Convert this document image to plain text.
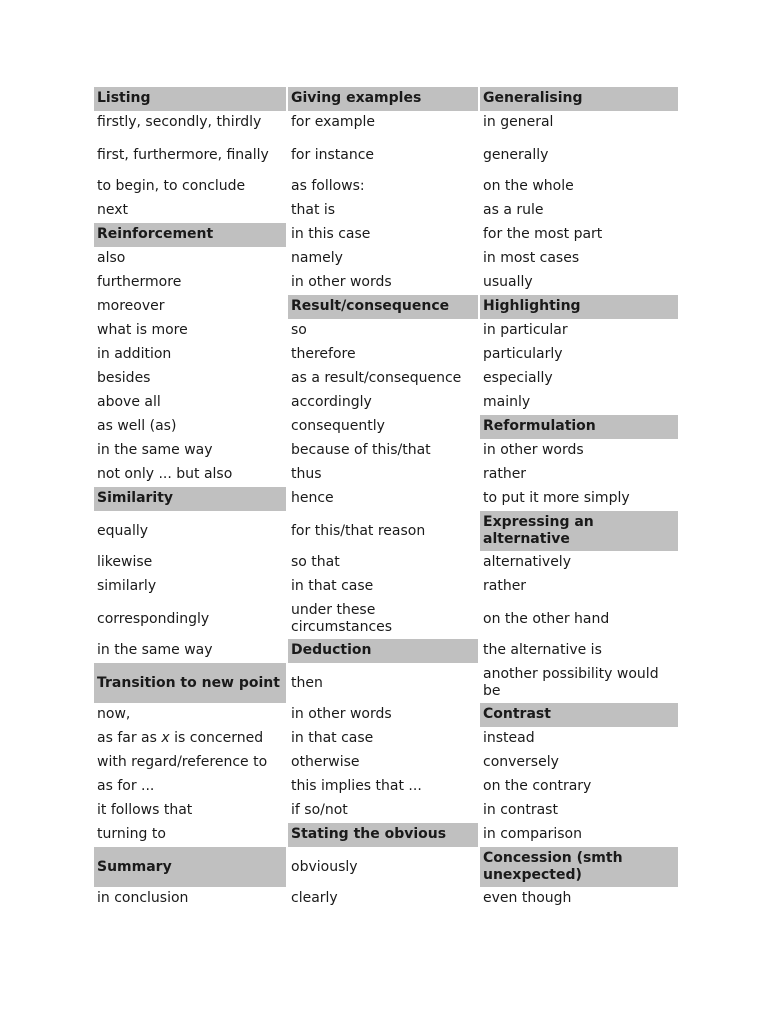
Listing	Giving examples	Generalising
firstly, secondly, thirdly	for example	in general
first, furthermore, finally	for instance	generally
to begin, to conclude	as follows:	on the whole
next	that is	as a rule
Reinforcement	in this case	for the most part
also	namely	in most cases
furthermore	in other words	usually
moreover	Result/consequence	Highlighting
what is more	so	in particular
in addition	therefore	particularly
besides	as a result/consequence	especially
above all	accordingly	mainly
as well (as)	consequently	Reformulation
in the same way	because of this/that	in other words
not only ... but also	thus	rather
Similarity	hence	to put it more simply
equally	for this/that reason	Expressing an alternative
likewise	so that	alternatively
similarly	in that case	rather
correspondingly	under these circumstances	on the other hand
in the same way	Deduction	the alternative is
Transition to new point	then	another possibility would be
now,	in other words	Contrast
as far as x is concerned	in that case	instead
with regard/reference to	otherwise	conversely
as for ...	this implies that ...	on the contrary
it follows that	if so/not	in contrast
turning to	Stating the obvious	in comparison
Summary	obviously	Concession (smth unexpected)
in conclusion	clearly	even though
